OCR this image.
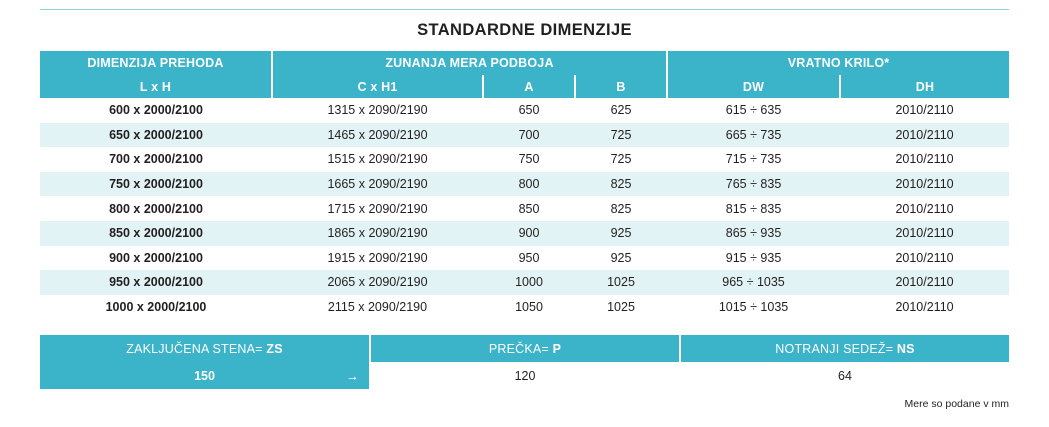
STANDARDNE DIMENZIJE
DIMENZIJA PREHODA	ZUNANJA MERA PODBOJA			VRATNO KRILO*	
L x H	C x H1	A	B	DW	DH
600 x 2000/2100	1315 x 2090/2190	650	625	615 ÷ 635	2010/2110
650 x 2000/2100	1465 x 2090/2190	700	725	665 ÷ 735	2010/2110
700 x 2000/2100	1515 x 2090/2190	750	725	715 ÷ 735	2010/2110
750 x 2000/2100	1665 x 2090/2190	800	825	765 ÷ 835	2010/2110
800 x 2000/2100	1715 x 2090/2190	850	825	815 ÷ 835	2010/2110
850 x 2000/2100	1865 x 2090/2190	900	925	865 ÷ 935	2010/2110
900 x 2000/2100	1915 x 2090/2190	950	925	915 ÷ 935	2010/2110
950 x 2000/2100	2065 x 2090/2190	1000	1025	965 ÷ 1035	2010/2110
1000 x 2000/2100	2115 x 2090/2190	1050	1025	1015 ÷ 1035	2010/2110
ZAKLJUČENA STENA= ZS	PREČKA= P	NOTRANJI SEDEŽ= NS
150 →	120	64
Mere so podane v mm
